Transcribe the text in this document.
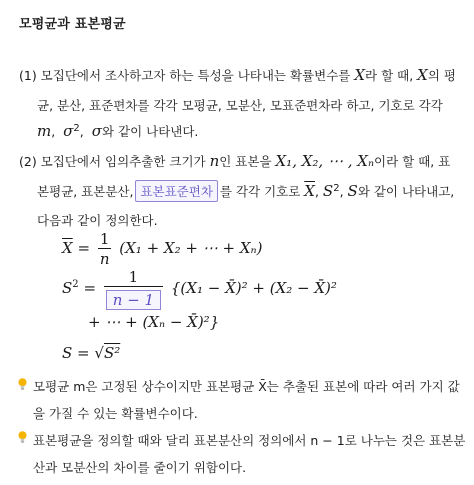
모평균과 표본평균
(1) 모집단에서 조사하고자 하는 특성을 나타내는 확률변수를 X라 할 때, X의 평
균, 분산, 표준편차를 각각 모평균, 모분산, 모표준편차라 하고, 기호로 각각
m,  $\sigma^2$,  σ와 같이 나타낸다.
(2) 모집단에서 임의추출한 크기가 n인 표본을 X₁, X₂, ⋯ , Xₙ이라 할 때, 표
본평균, 표본분산, 표본표준편차 를 각각 기호로 $\overline{X}$, $S^2$, S와 같이 나타내고,
다음과 같이 정의한다.
$\overline{X} = \frac{1}{n} (X_1 + X_2$ + ⋯ + Xₙ)
$S^2 = \frac{1}{n - 1} \{(X_1$ − X̄)² + (X₂ − X̄)²
+ ⋯ + (Xₙ − X̄)²}
S = √S²
모평균 m은 고정된 상수이지만 표본평균 X̄는 추출된 표본에 따라 여러 가지 값
을 가질 수 있는 확률변수이다.
표본평균을 정의할 때와 달리 표본분산의 정의에서 n − 1로 나누는 것은 표본분
산과 모분산의 차이를 줄이기 위함이다.
